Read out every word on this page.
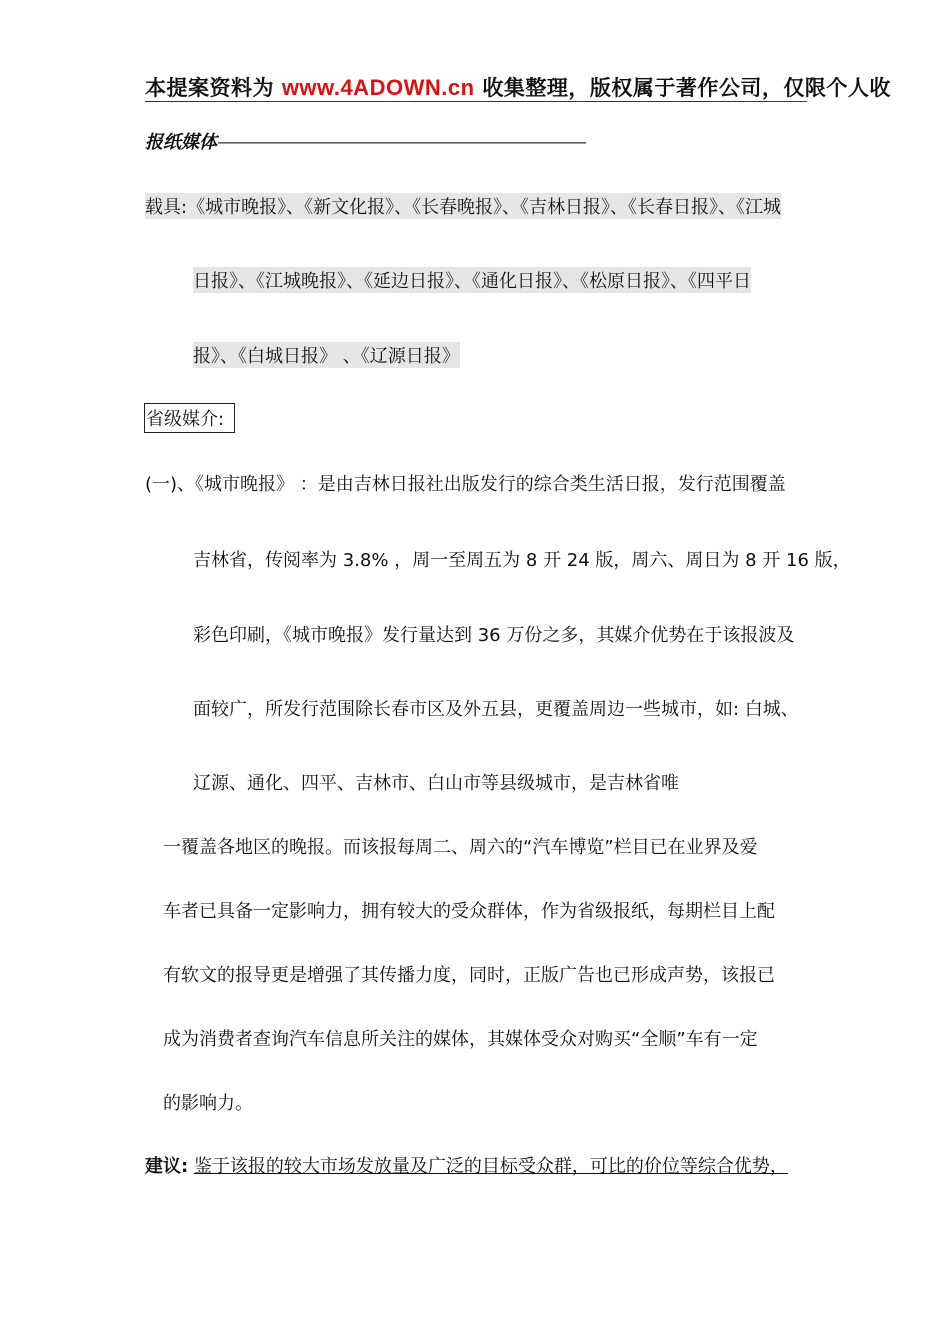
本提案资料为 www.4ADOWN.cn 收集整理，版权属于著作公司，仅限个人收
报纸媒体———————————————————————
载具:《城市晚报》、《新文化报》、《长春晚报》、《吉林日报》、《长春日报》、《江城
日报》、《江城晚报》、《延边日报》、《通化日报》、《松原日报》、《四平日
报》、《白城日报》 、《辽源日报》
省级媒介:
(一)、《城市晚报》 ：是由吉林日报社出版发行的综合类生活日报，发行范围覆盖
吉林省，传阅率为 3.8% ，周一至周五为 8 开 24 版，周六、周日为 8 开 16 版，
彩色印刷，《城市晚报》发行量达到 36 万份之多，其媒介优势在于该报波及
面较广，所发行范围除长春市区及外五县，更覆盖周边一些城市，如: 白城、
辽源、通化、四平、吉林市、白山市等县级城市，是吉林省唯
一覆盖各地区的晚报。而该报每周二、周六的“汽车博览”栏目已在业界及爱
车者已具备一定影响力，拥有较大的受众群体，作为省级报纸，每期栏目上配
有软文的报导更是增强了其传播力度，同时，正版广告也已形成声势，该报已
成为消费者查询汽车信息所关注的媒体，其媒体受众对购买“全顺”车有一定
的影响力。
建议: 鉴于该报的较大市场发放量及广泛的目标受众群，可比的价位等综合优势，
